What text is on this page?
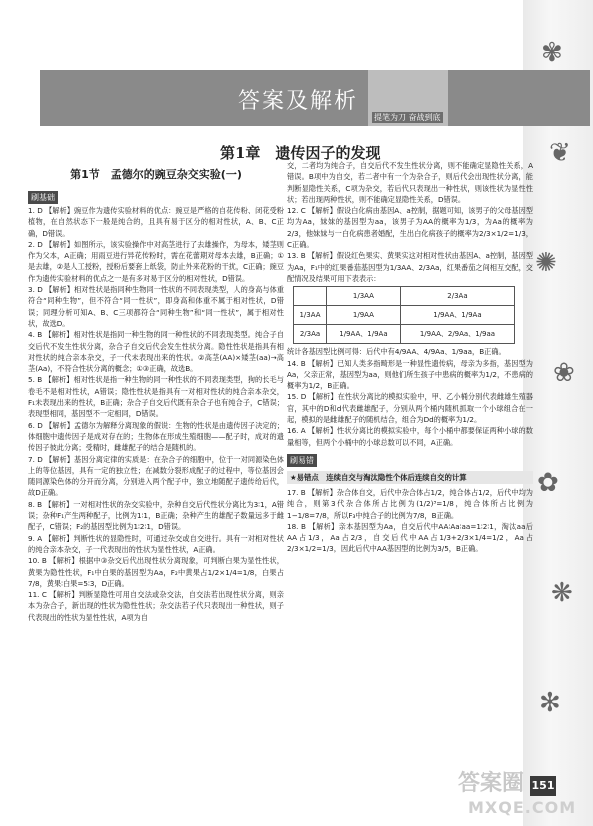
✾
❦
✺
❀
✿
❋
✻
答案及解析
提笔为刀 奋战到底
第1章　遗传因子的发现
第1节　孟德尔的豌豆杂交实验(一)
刷基础

1. D 【解析】豌豆作为遗传实验材料的优点：豌豆是严格的自花传粉、闭花受粉植物，在自然状态下一般是纯合的，且具有易于区分的相对性状，A、B、C正确，D错误。

2. D 【解析】如图所示，该实验操作中对高茎进行了去雄操作，为母本，矮茎则作为父本，A正确；用雨豆进行异花传粉时，需在花蕾期对母本去雄，B正确；①是去雄，②是人工授粉，授粉后要套上纸袋，防止外来花粉的干扰，C正确；豌豆作为遗传实验材料的优点之一是有多对易于区分的相对性状，D错误。

3. D 【解析】相对性状是指同种生物同一性状的不同表现类型，人的身高与体重符合“同种生物”，但不符合“同一性状”，即身高和体重不属于相对性状，D错误；同理分析可知A、B、C三项都符合“同种生物”和“同一性状”，属于相对性状，故选D。

4. B 【解析】相对性状是指同一种生物的同一种性状的不同表现类型。纯合子自交后代不发生性状分离，杂合子自交后代会发生性状分离。隐性性状是指具有相对性状的纯合亲本杂交，子一代未表现出来的性状。②高茎(AA)×矮茎(aa)→高茎(Aa)，不符合性状分离的概念；①③正确，故选B。

5. B 【解析】相对性状是指一种生物的同一种性状的不同表现类型，狗的长毛与卷毛不是相对性状，A错误；隐性性状是指具有一对相对性状的纯合亲本杂交，F₁未表现出来的性状，B正确；杂合子自交后代既有杂合子也有纯合子，C错误；表现型相同，基因型不一定相同，D错误。

6. D 【解析】孟德尔为解释分离现象的假说：生物的性状是由遗传因子决定的；体细胞中遗传因子是成对存在的；生物体在形成生殖细胞——配子时，成对的遗传因子彼此分离；受精时，雌雄配子的结合是随机的。

7. D 【解析】基因分离定律的实质是：在杂合子的细胞中，位于一对同源染色体上的等位基因，具有一定的独立性；在减数分裂形成配子的过程中，等位基因会随同源染色体的分开而分离，分别进入两个配子中，独立地随配子遗传给后代，故D正确。

8. B 【解析】一对相对性状的杂交实验中，杂种自交后代性状分离比为3∶1，A错误；杂种F₁产生两种配子，比例为1∶1，B正确；杂种产生的雄配子数量远多于雌配子，C错误；F₂的基因型比例为1∶2∶1，D错误。

9. A 【解析】判断性状的显隐性时，可通过杂交或自交进行。具有一对相对性状的纯合亲本杂交，子一代表现出的性状为显性性状，A正确。

10. B 【解析】根据中③杂交后代出现性状分离现象，可判断白果为显性性状，黄果为隐性性状，F₁中白果的基因型为Aa，F₂中黄果占1/2×1/4=1/8，白果占7/8，黄果∶白果=5∶3，D正确。

11. C 【解析】判断显隐性可用自交法或杂交法，自交法若出现性状分离，则亲本为杂合子，新出现的性状为隐性性状；杂交法若子代只表现出一种性状，则子代表现出的性状为显性性状，A项为自

交，二者均为纯合子，自交后代不发生性状分离，则不能确定显隐性关系，A错误。B项中为自交，若二者中有一个为杂合子，则后代会出现性状分离，能判断显隐性关系，C项为杂交，若后代只表现出一种性状，则该性状为显性性状；若出现两种性状，则不能确定显隐性关系，D错误。

12. C 【解析】假设白化病由基因A、a控制，据题可知，该男子的父母基因型均为Aa，妹妹的基因型为aa，该男子为AA的概率为1/3，为Aa的概率为2/3，他妹妹与一白化病患者婚配，生出白化病孩子的概率为2/3×1/2=1/3，C正确。

13. B 【解析】假设红色果实、黄果实这对相对性状由基因A、a控制，基因型为Aa，F₁中的红果番茄基因型为1/3AA、2/3Aa，红果番茄之间相互交配，交配情况及结果可用下表表示：

	1/3AA	2/3Aa
1/3AA	1/9AA	1/9AA、1/9Aa
2/3Aa	1/9AA、1/9Aa	1/9AA、2/9Aa、1/9aa

统计各基因型比例可得：后代中有4/9AA、4/9Aa、1/9aa，B正确。

14. B 【解析】已知人类多指畸形是一种显性遗传病，母亲为多指，基因型为Aa，父亲正常，基因型为aa，则他们所生孩子中患病的概率为1/2，不患病的概率为1/2，B正确。

15. D 【解析】在性状分离比的模拟实验中，甲、乙小桶分别代表雌雄生殖器官，其中的D和d代表雌雄配子，分别从两个桶内随机抓取一个小球组合在一起，模拟的是雌雄配子的随机结合，组合为Dd的概率为1/2。

16. A 【解析】性状分离比的模拟实验中，每个小桶中都要保证两种小球的数量相等，但两个小桶中的小球总数可以不同，A正确。

刷易错
★易错点　连续自交与淘汰隐性个体后连续自交的计算

17. B 【解析】杂合体自交，后代中杂合体占1/2，纯合体占1/2，后代中均为纯合，则第3代杂合体所占比例为(1/2)³=1/8，纯合体所占比例为1−1/8=7/8，所以F₃中纯合子的比例为7/8，B正确。

18. B 【解析】亲本基因型为Aa，自交后代中AA∶Aa∶aa=1∶2∶1，淘汰aa后AA占1/3，Aa占2/3，自交后代中AA占1/3+2/3×1/4=1/2，Aa占2/3×1/2=1/3，因此后代中AA基因型的比例为3/5，B正确。

答案圈
MXQE.COM
151
